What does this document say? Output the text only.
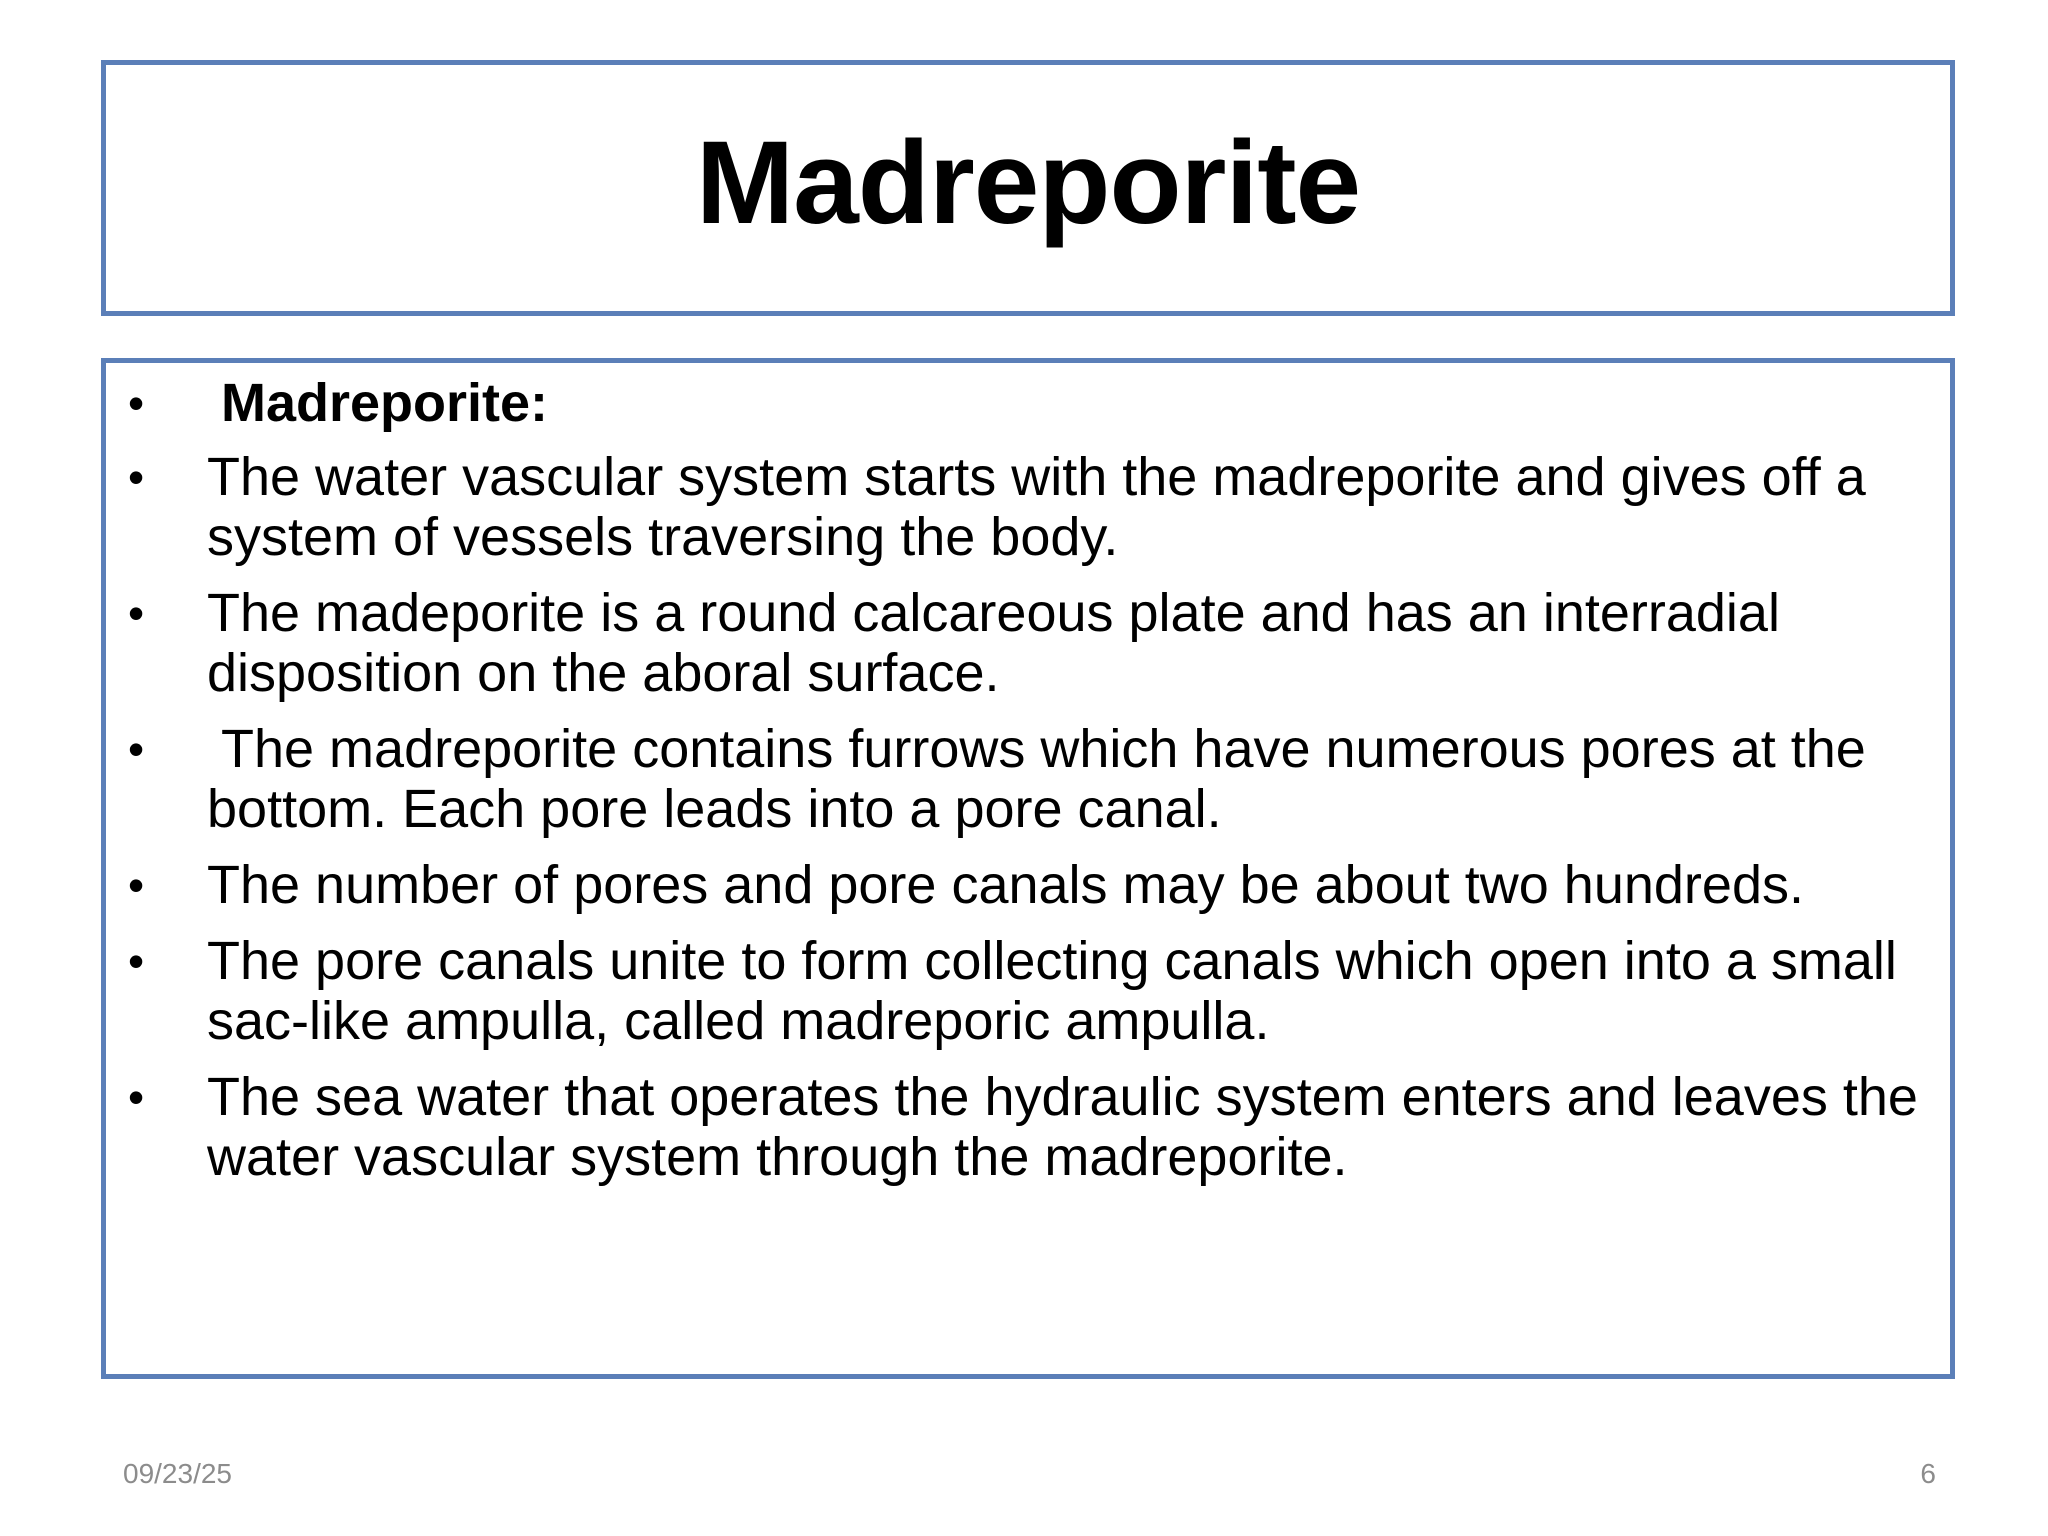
Madreporite
•	Madreporite:
•	The water vascular system starts with the madreporite and gives off a system of vessels traversing the body.
•	The madeporite is a round calcareous plate and has an interradial disposition on the aboral surface.
•	The madreporite contains furrows which have numerous pores at the bottom. Each pore leads into a pore canal.
•	The number of pores and pore canals may be about two hundreds.
•	The pore canals unite to form collecting canals which open into a small sac-like ampulla, called madreporic ampulla.
•	The sea water that operates the hydraulic system enters and leaves the water vascular system through the madreporite.
09/23/25	6
